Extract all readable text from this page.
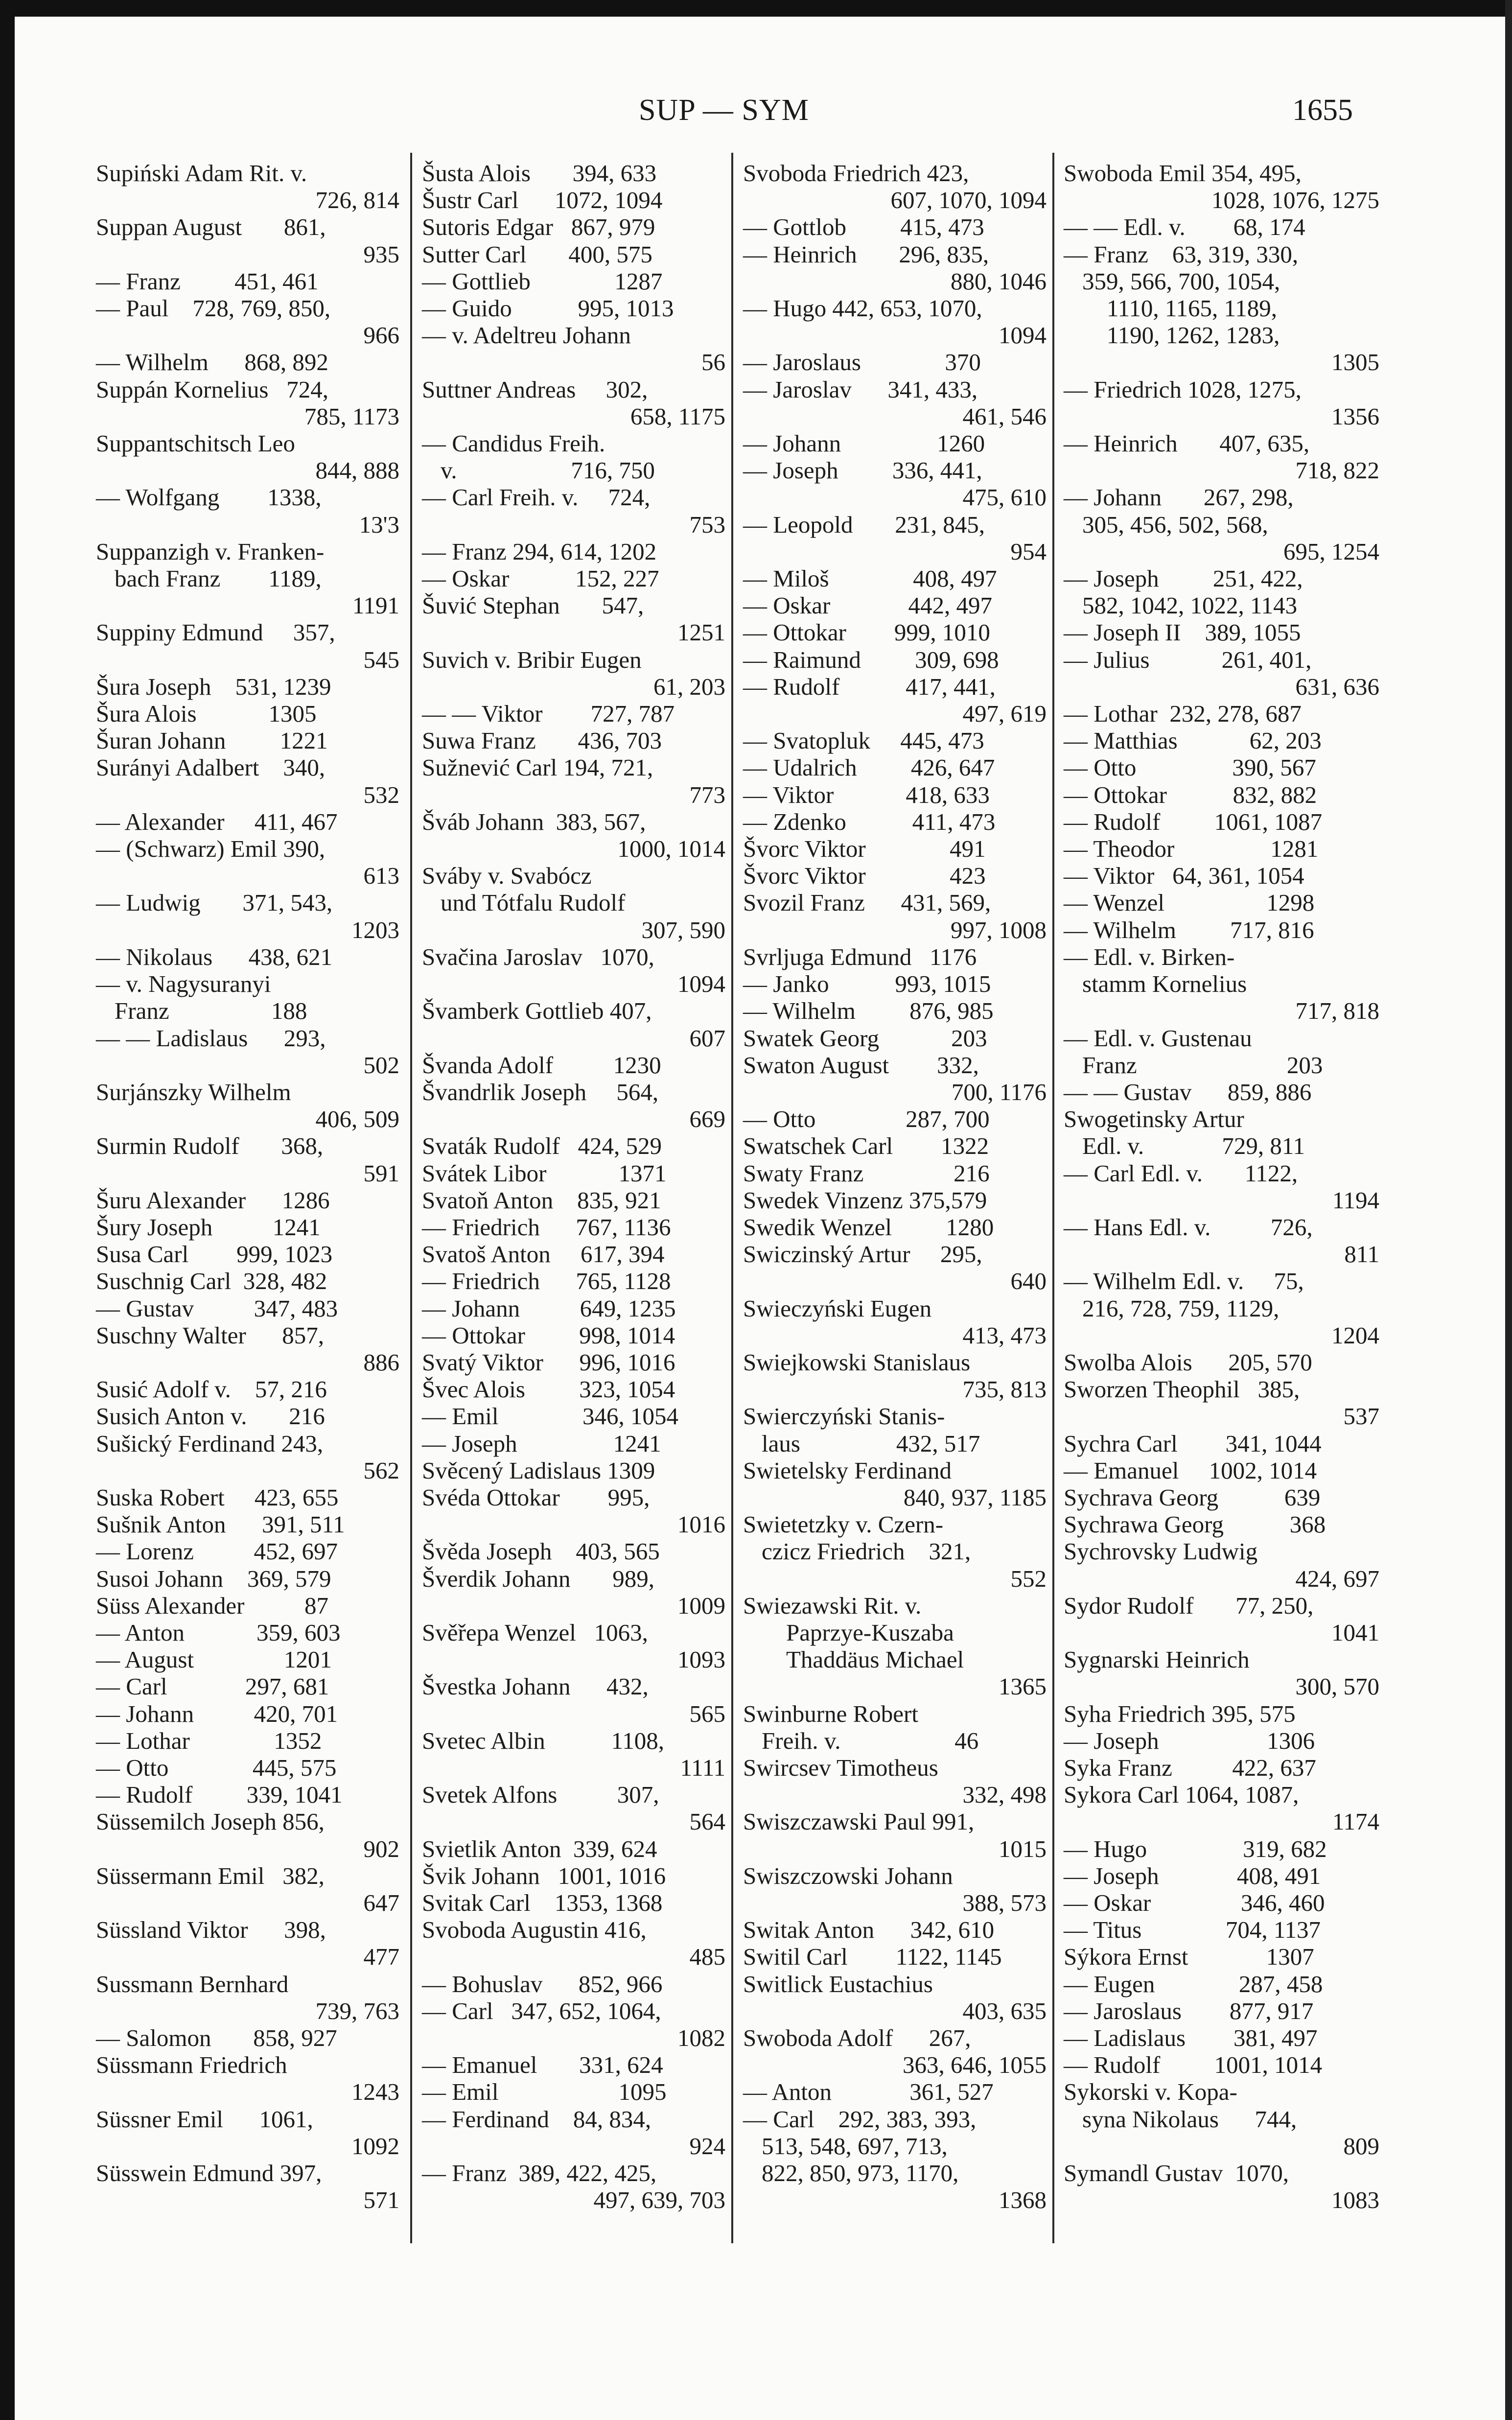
SUP — SYM	1655
Supiński Adam Rit. v.
726, 814
Suppan August       861,
935
— Franz         451, 461
— Paul    728, 769, 850,
966
— Wilhelm      868, 892
Suppán Kornelius   724,
785, 1173
Suppantschitsch Leo
844, 888
— Wolfgang        1338,
13'3
Suppanzigh v. Franken-
bach Franz        1189,
1191
Suppiny Edmund     357,
545
Šura Joseph    531, 1239
Šura Alois            1305
Šuran Johann         1221
Surányi Adalbert    340,
532
— Alexander     411, 467
— (Schwarz) Emil 390,
613
— Ludwig       371, 543,
1203
— Nikolaus      438, 621
— v. Nagysuranyi
Franz                 188
— — Ladislaus      293,
502
Surjánszky Wilhelm
406, 509
Surmin Rudolf       368,
591
Šuru Alexander      1286
Šury Joseph          1241
Susa Carl        999, 1023
Suschnig Carl  328, 482
— Gustav          347, 483
Suschny Walter      857,
886
Susić Adolf v.    57, 216
Susich Anton v.       216
Sušický Ferdinand 243,
562
Suska Robert     423, 655
Sušnik Anton      391, 511
— Lorenz          452, 697
Susoi Johann    369, 579
Süss Alexander          87
— Anton            359, 603
— August               1201
— Carl             297, 681
— Johann          420, 701
— Lothar              1352
— Otto              445, 575
— Rudolf         339, 1041
Süssemilch Joseph 856,
902
Süssermann Emil   382,
647
Süssland Viktor      398,
477
Sussmann Bernhard
739, 763
— Salomon       858, 927
Süssmann Friedrich
1243
Süssner Emil      1061,
1092
Süsswein Edmund 397,
571
Šusta Alois       394, 633
Šustr Carl      1072, 1094
Sutoris Edgar   867, 979
Sutter Carl       400, 575
— Gottlieb              1287
— Guido           995, 1013
— v. Adeltreu Johann
56
Suttner Andreas     302,
658, 1175
— Candidus Freih.
v.                   716, 750
— Carl Freih. v.     724,
753
— Franz 294, 614, 1202
— Oskar           152, 227
Šuvić Stephan       547,
1251
Suvich v. Bribir Eugen
61, 203
— — Viktor        727, 787
Suwa Franz       436, 703
Sužnević Carl 194, 721,
773
Šváb Johann  383, 567,
1000, 1014
Sváby v. Svabócz
und Tótfalu Rudolf
307, 590
Svačina Jaroslav   1070,
1094
Švamberk Gottlieb 407,
607
Švanda Adolf          1230
Švandrlik Joseph     564,
669
Svaták Rudolf   424, 529
Svátek Libor            1371
Svatoň Anton    835, 921
— Friedrich      767, 1136
Svatoš Anton     617, 394
— Friedrich      765, 1128
— Johann          649, 1235
— Ottokar         998, 1014
Svatý Viktor      996, 1016
Švec Alois         323, 1054
— Emil              346, 1054
— Joseph                1241
Svěcený Ladislaus 1309
Svéda Ottokar        995,
1016
Švěda Joseph    403, 565
Šverdik Johann       989,
1009
Svěřepa Wenzel   1063,
1093
Švestka Johann      432,
565
Svetec Albin           1108,
1111
Svetek Alfons          307,
564
Svietlik Anton  339, 624
Švik Johann   1001, 1016
Svitak Carl    1353, 1368
Svoboda Augustin 416,
485
— Bohuslav      852, 966
— Carl   347, 652, 1064,
1082
— Emanuel       331, 624
— Emil                    1095
— Ferdinand    84, 834,
924
— Franz  389, 422, 425,
497, 639, 703
Svoboda Friedrich 423,
607, 1070, 1094
— Gottlob         415, 473
— Heinrich       296, 835,
880, 1046
— Hugo 442, 653, 1070,
1094
— Jaroslaus              370
— Jaroslav      341, 433,
461, 546
— Johann                1260
— Joseph         336, 441,
475, 610
— Leopold       231, 845,
954
— Miloš              408, 497
— Oskar             442, 497
— Ottokar        999, 1010
— Raimund         309, 698
— Rudolf           417, 441,
497, 619
— Svatopluk     445, 473
— Udalrich         426, 647
— Viktor            418, 633
— Zdenko           411, 473
Švorc Viktor              491
Švorc Viktor              423
Svozil Franz      431, 569,
997, 1008
Svrljuga Edmund   1176
— Janko           993, 1015
— Wilhelm         876, 985
Swatek Georg            203
Swaton August        332,
700, 1176
— Otto               287, 700
Swatschek Carl        1322
Swaty Franz               216
Swedek Vinzenz 375,579
Swedik Wenzel         1280
Swiczinský Artur     295,
640
Swieczyński Eugen
413, 473
Swiejkowski Stanislaus
735, 813
Swierczyński Stanis-
laus                432, 517
Swietelsky Ferdinand
840, 937, 1185
Swietetzky v. Czern-
czicz Friedrich    321,
552
Swiezawski Rit. v.
Paprzye-Kuszaba
Thaddäus Michael
1365
Swinburne Robert
Freih. v.                   46
Swircsev Timotheus
332, 498
Swiszczawski Paul 991,
1015
Swiszczowski Johann
388, 573
Switak Anton      342, 610
Switil Carl        1122, 1145
Switlick Eustachius
403, 635
Swoboda Adolf      267,
363, 646, 1055
— Anton             361, 527
— Carl    292, 383, 393,
513, 548, 697, 713,
822, 850, 973, 1170,
1368
Swoboda Emil 354, 495,
1028, 1076, 1275
— — Edl. v.        68, 174
— Franz    63, 319, 330,
359, 566, 700, 1054,
1110, 1165, 1189,
1190, 1262, 1283,
1305
— Friedrich 1028, 1275,
1356
— Heinrich       407, 635,
718, 822
— Johann       267, 298,
305, 456, 502, 568,
695, 1254
— Joseph         251, 422,
582, 1042, 1022, 1143
— Joseph II    389, 1055
— Julius            261, 401,
631, 636
— Lothar  232, 278, 687
— Matthias            62, 203
— Otto                390, 567
— Ottokar           832, 882
— Rudolf         1061, 1087
— Theodor                1281
— Viktor   64, 361, 1054
— Wenzel                 1298
— Wilhelm         717, 816
— Edl. v. Birken-
stamm Kornelius
717, 818
— Edl. v. Gustenau
Franz                         203
— — Gustav      859, 886
Swogetinsky Artur
Edl. v.             729, 811
— Carl Edl. v.       1122,
1194
— Hans Edl. v.          726,
811
— Wilhelm Edl. v.     75,
216, 728, 759, 1129,
1204
Swolba Alois      205, 570
Sworzen Theophil   385,
537
Sychra Carl        341, 1044
— Emanuel     1002, 1014
Sychrava Georg           639
Sychrawa Georg           368
Sychrovsky Ludwig
424, 697
Sydor Rudolf       77, 250,
1041
Sygnarski Heinrich
300, 570
Syha Friedrich 395, 575
— Joseph                  1306
Syka Franz          422, 637
Sykora Carl 1064, 1087,
1174
— Hugo                319, 682
— Joseph             408, 491
— Oskar               346, 460
— Titus              704, 1137
Sýkora Ernst             1307
— Eugen              287, 458
— Jaroslaus        877, 917
— Ladislaus        381, 497
— Rudolf         1001, 1014
Sykorski v. Kopa-
syna Nikolaus      744,
809
Symandl Gustav  1070,
1083
